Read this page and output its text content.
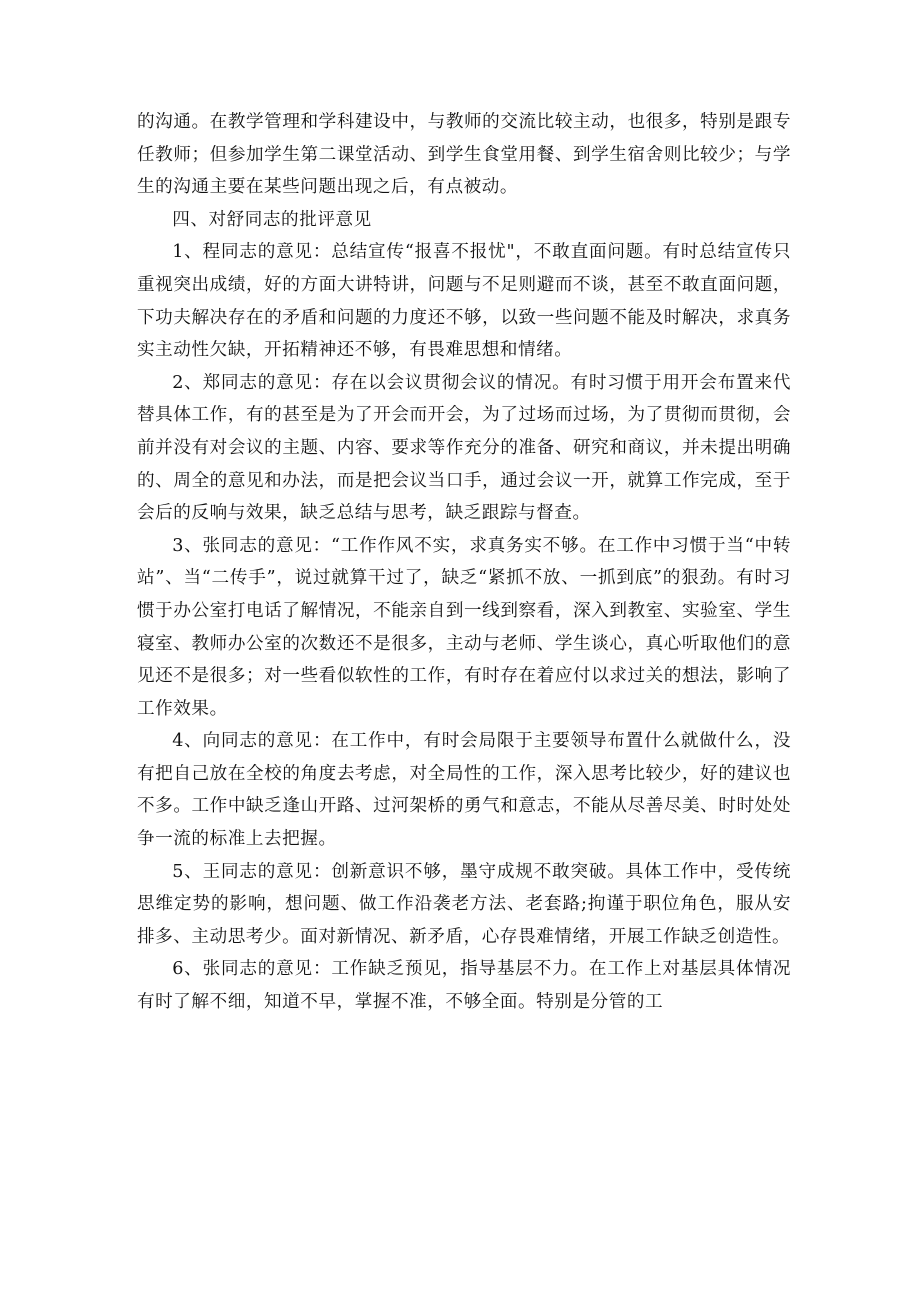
的沟通。在教学管理和学科建设中，与教师的交流比较主动，也很多，特别是跟专任教师；但参加学生第二课堂活动、到学生食堂用餐、到学生宿舍则比较少；与学生的沟通主要在某些问题出现之后，有点被动。

四、对舒同志的批评意见

1、程同志的意见：总结宣传“报喜不报忧"，不敢直面问题。有时总结宣传只重视突出成绩，好的方面大讲特讲，问题与不足则避而不谈，甚至不敢直面问题，下功夫解决存在的矛盾和问题的力度还不够，以致一些问题不能及时解决，求真务实主动性欠缺，开拓精神还不够，有畏难思想和情绪。

2、郑同志的意见：存在以会议贯彻会议的情况。有时习惯于用开会布置来代替具体工作，有的甚至是为了开会而开会，为了过场而过场，为了贯彻而贯彻，会前并没有对会议的主题、内容、要求等作充分的准备、研究和商议，并未提出明确的、周全的意见和办法，而是把会议当口手，通过会议一开，就算工作完成，至于会后的反响与效果，缺乏总结与思考，缺乏跟踪与督查。

3、张同志的意见：“工作作风不实，求真务实不够。在工作中习惯于当“中转站”、当“二传手”，说过就算干过了，缺乏“紧抓不放、一抓到底”的狠劲。有时习惯于办公室打电话了解情况，不能亲自到一线到察看，深入到教室、实验室、学生寝室、教师办公室的次数还不是很多，主动与老师、学生谈心，真心听取他们的意见还不是很多；对一些看似软性的工作，有时存在着应付以求过关的想法，影响了工作效果。

4、向同志的意见：在工作中，有时会局限于主要领导布置什么就做什么，没有把自己放在全校的角度去考虑，对全局性的工作，深入思考比较少，好的建议也不多。工作中缺乏逢山开路、过河架桥的勇气和意志，不能从尽善尽美、时时处处争一流的标准上去把握。

5、王同志的意见：创新意识不够，墨守成规不敢突破。具体工作中，受传统思维定势的影响，想问题、做工作沿袭老方法、老套路;拘谨于职位角色，服从安排多、主动思考少。面对新情况、新矛盾，心存畏难情绪，开展工作缺乏创造性。

6、张同志的意见：工作缺乏预见，指导基层不力。在工作上对基层具体情况有时了解不细，知道不早，掌握不准，不够全面。特别是分管的工
